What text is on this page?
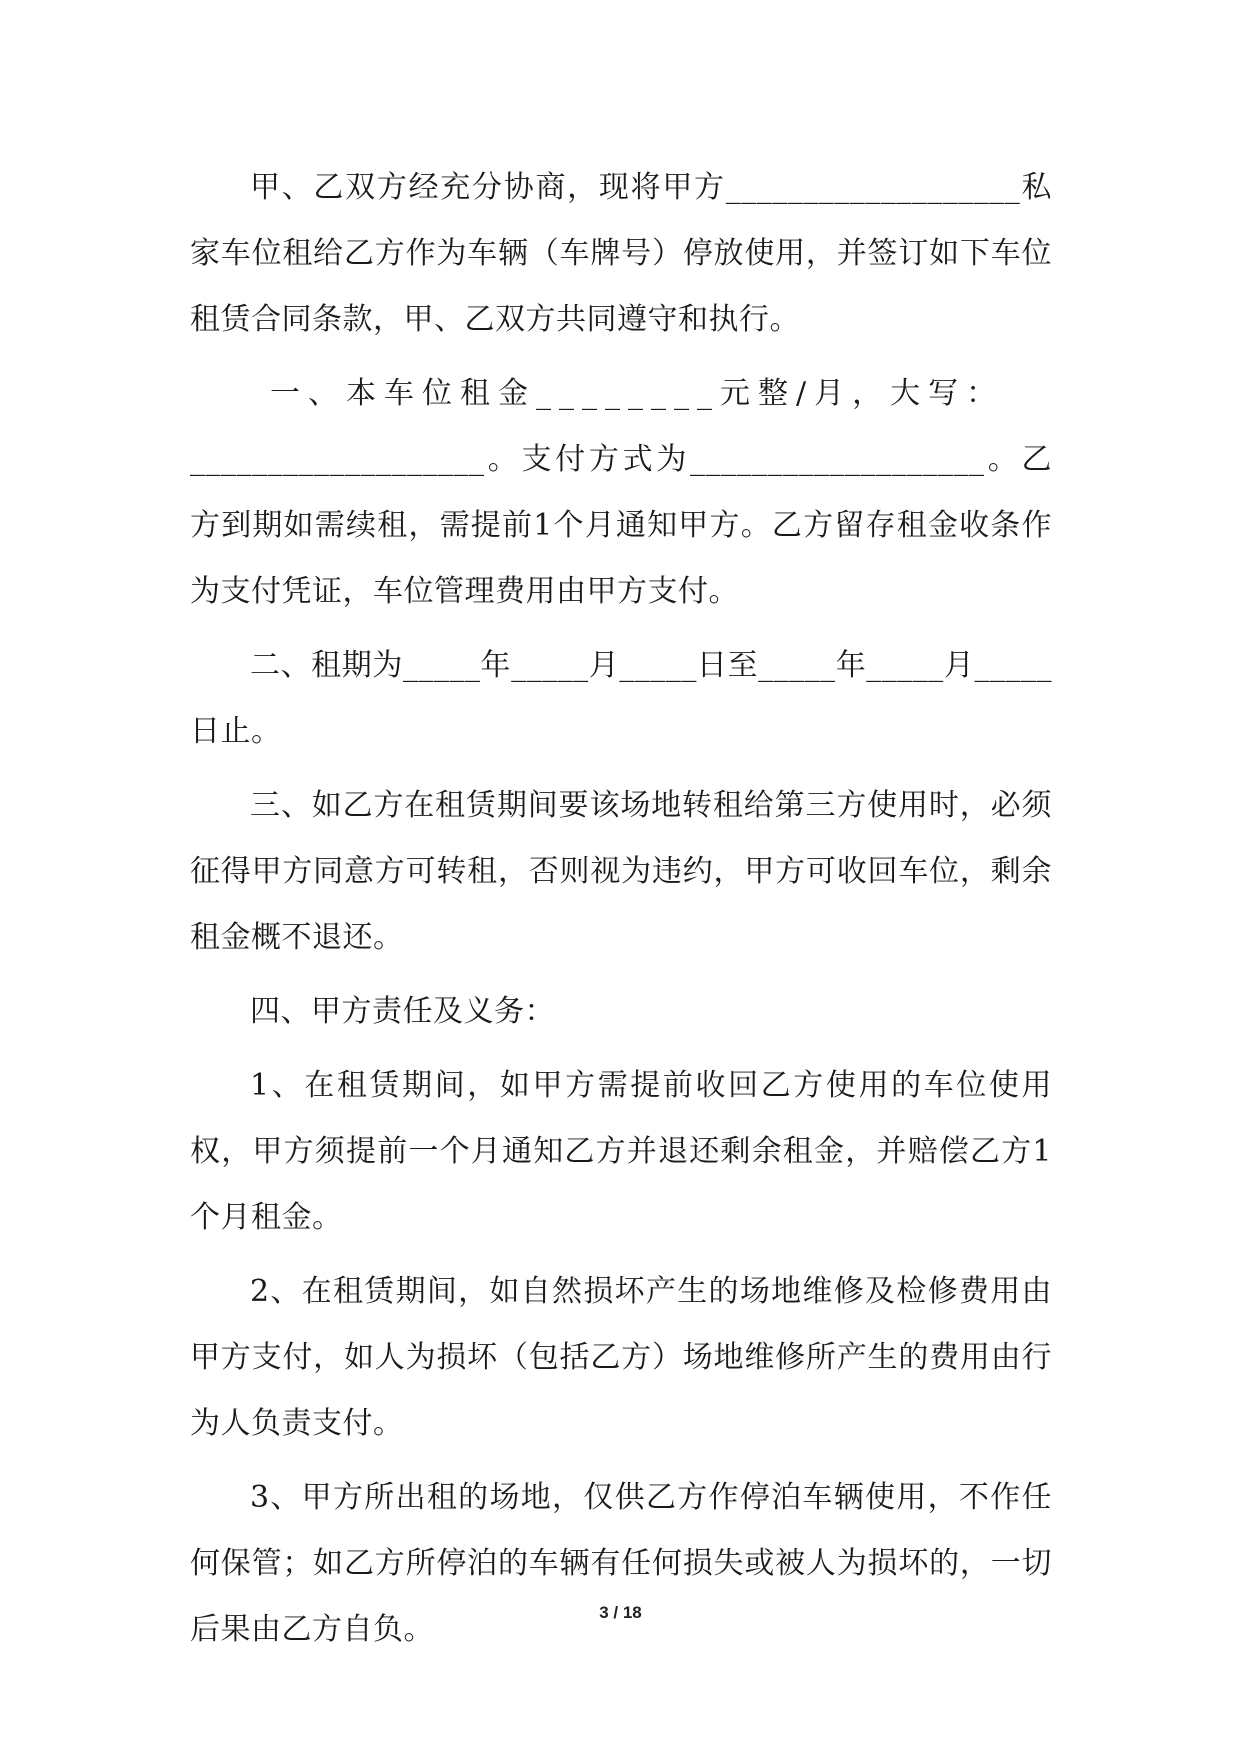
甲、乙双方经充分协商，现将甲方___________________私家车位租给乙方作为车辆（车牌号）停放使用，并签订如下车位租赁合同条款，甲、乙双方共同遵守和执行。

一、本车位租金________元整/月，大写：
___________________。支付方式为___________________。乙方到期如需续租，需提前1个月通知甲方。乙方留存租金收条作为支付凭证，车位管理费用由甲方支付。

二、租期为_____年_____月_____日至_____年_____月_____日止。

三、如乙方在租赁期间要该场地转租给第三方使用时，必须征得甲方同意方可转租，否则视为违约，甲方可收回车位，剩余租金概不退还。

四、甲方责任及义务：

1、在租赁期间，如甲方需提前收回乙方使用的车位使用权，甲方须提前一个月通知乙方并退还剩余租金，并赔偿乙方1个月租金。

2、在租赁期间，如自然损坏产生的场地维修及检修费用由甲方支付，如人为损坏（包括乙方）场地维修所产生的费用由行为人负责支付。

3、甲方所出租的场地，仅供乙方作停泊车辆使用，不作任何保管；如乙方所停泊的车辆有任何损失或被人为损坏的，一切后果由乙方自负。	3 / 18
